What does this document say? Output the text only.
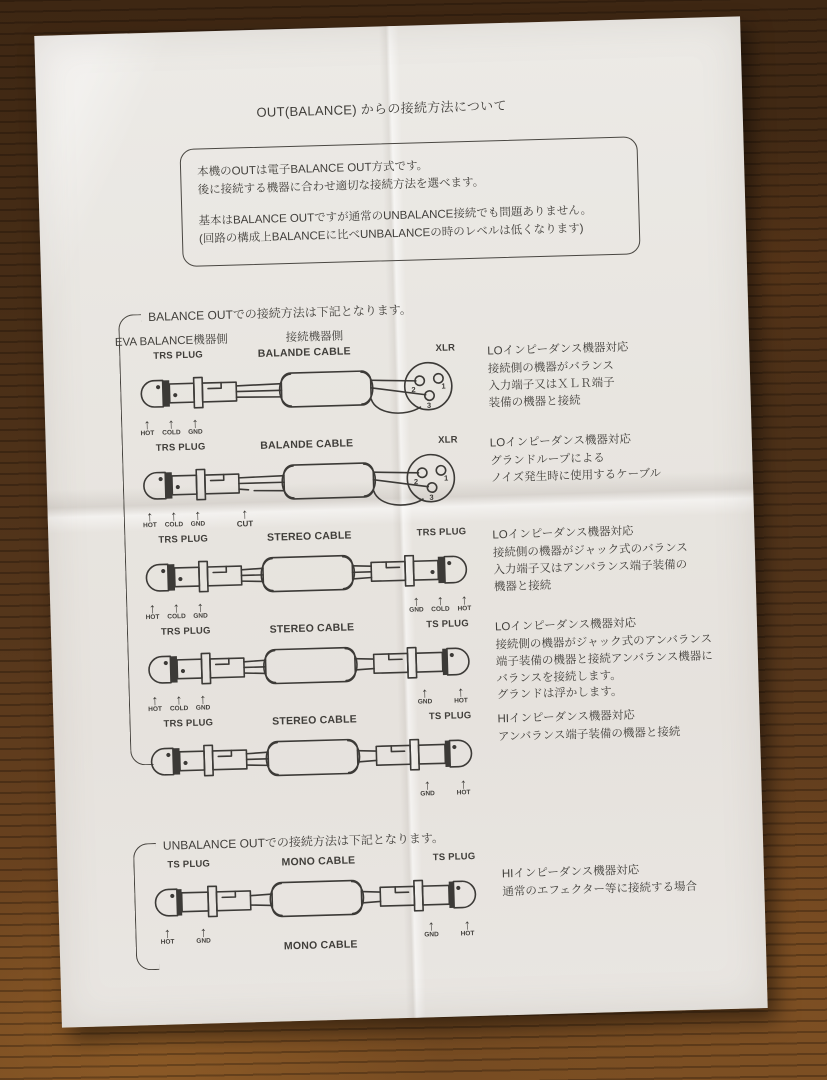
OUT(BALANCE) からの接続方法について
本機のOUTは電子BALANCE OUT方式です。
後に接続する機器に合わせ適切な接続方法を選べます。
基本はBALANCE OUTですが通常のUNBALANCE接続でも問題ありません。
(回路の構成上BALANCEに比べUNBALANCEの時のレベルは低くなります)
BALANCE OUTでの接続方法は下記となります。
EVA BALANCE機器側	接続機器側
TRS PLUG	BALANDE CABLE	XLR
1
2
3
↑
HOT
↑
COLD
↑
GND
LOインピーダンス機器対応
接続側の機器がバランス
入力端子又はＸＬＲ端子
装備の機器と接続
TRS PLUG	BALANDE CABLE	XLR
1
2
3
↑
HOT
↑
COLD
↑
GND
↑
CUT
LOインピーダンス機器対応
グランドループによる
ノイズ発生時に使用するケーブル
TRS PLUG	STEREO CABLE	TRS PLUG
↑
HOT
↑
COLD
↑
GND
↑
GND
↑
COLD
↑
HOT
LOインピーダンス機器対応
接続側の機器がジャック式のバランス
入力端子又はアンバランス端子装備の
機器と接続
TRS PLUG	STEREO CABLE	TS PLUG
↑
HOT
↑
COLD
↑
GND
↑
GND
↑
HOT
LOインピーダンス機器対応
接続側の機器がジャック式のアンバランス
端子装備の機器と接続アンバランス機器に
バランスを接続します。
グランドは浮かします。
TRS PLUG	STEREO CABLE	TS PLUG
↑
GND
↑
HOT
HIインピーダンス機器対応
アンバランス端子装備の機器と接続
UNBALANCE OUTでの接続方法は下記となります。
TS PLUG	MONO CABLE	TS PLUG
MONO CABLE
↑
HOT
↑
GND
↑
GND
↑
HOT
HIインピーダンス機器対応
通常のエフェクター等に接続する場合
